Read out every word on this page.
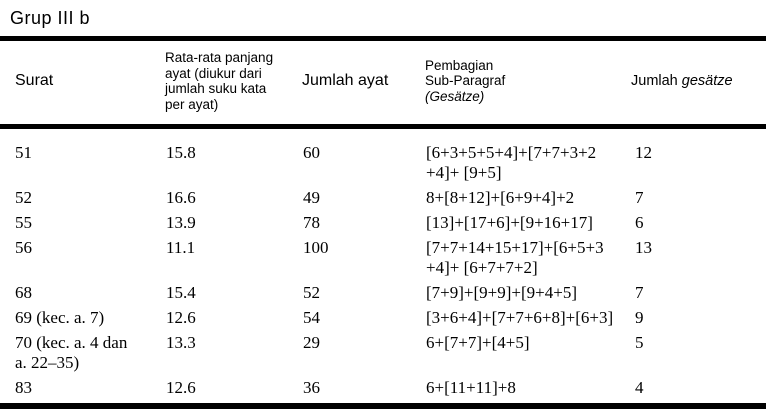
Grup III b
Surat	Rata-rata panjang
ayat (diukur dari
jumlah suku kata
per ayat)	Jumlah ayat	Pembagian
Sub-Paragraf
(Gesätze)	Jumlah gesätze
51	15.8	60	[6+3+5+5+4]+[7+7+3+2
+4]+ [9+5]	12
52	16.6	49	8+[8+12]+[6+9+4]+2	7
55	13.9	78	[13]+[17+6]+[9+16+17]	6
56	11.1	100	[7+7+14+15+17]+[6+5+3
+4]+ [6+7+7+2]	13
68	15.4	52	[7+9]+[9+9]+[9+4+5]	7
69 (kec. a. 7)	12.6	54	[3+6+4]+[7+7+6+8]+[6+3]	9
70 (kec. a. 4 dan
a. 22–35)	13.3	29	6+[7+7]+[4+5]	5
83	12.6	36	6+[11+11]+8	4
